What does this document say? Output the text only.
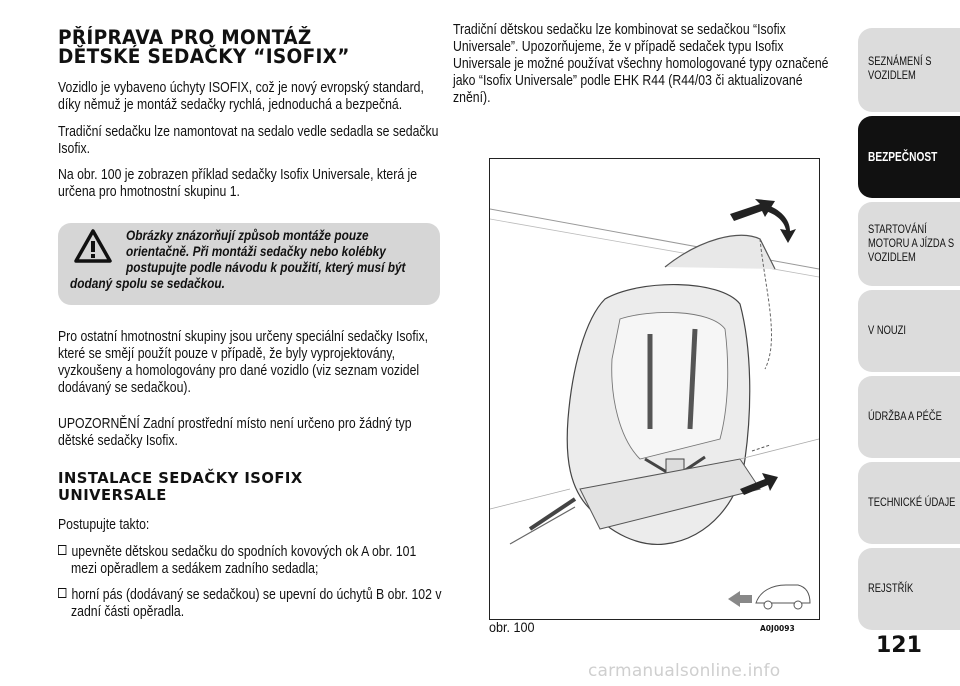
PŘÍPRAVA PRO MONTÁŽ
DĚTSKÉ SEDAČKY “ISOFIX”
Vozidlo je vybaveno úchyty ISOFIX, což je nový evropský standard,
díky němuž je montáž sedačky rychlá, jednoduchá a bezpečná.
Tradiční sedačku lze namontovat na sedalo vedle sedadla se sedačku
Isofix.
Na obr. 100 je zobrazen příklad sedačky Isofix Universale, která je
určena pro hmotnostní skupinu 1.
Obrázky znázorňují způsob montáže pouze
orientačně. Při montáži sedačky nebo kolébky
postupujte podle návodu k použití, který musí být
dodaný spolu se sedačkou.
Pro ostatní hmotnostní skupiny jsou určeny speciální sedačky Isofix,
které se smějí použít pouze v případě, že byly vyprojektovány,
vyzkoušeny a homologovány pro dané vozidlo (viz seznam vozidel
dodávaný se sedačkou).
UPOZORNĚNÍ Zadní prostřední místo není určeno pro žádný typ
dětské sedačky Isofix.
INSTALACE SEDAČKY ISOFIX
UNIVERSALE
Postupujte takto:
upevněte dětskou sedačku do spodních kovových ok A obr. 101
mezi opěradlem a sedákem zadního sedadla;
horní pás (dodávaný se sedačkou) se upevní do úchytů B obr. 102 v
zadní části opěradla.
Tradiční dětskou sedačku lze kombinovat se sedačkou “Isofix
Universale”. Upozorňujeme, že v případě sedaček typu Isofix
Universale je možné používat všechny homologované typy označené
jako “Isofix Universale” podle EHK R44 (R44/03 či aktualizované
znění).
obr. 100	A0J0093
SEZNÁMENÍ S
VOZIDLEM
BEZPEČNOST
STARTOVÁNÍ
MOTORU A JÍZDA S
VOZIDLEM
V NOUZI
ÚDRŽBA A PÉČE
TECHNICKÉ ÚDAJE
REJSTŘÍK
121
carmanualsonline.info
